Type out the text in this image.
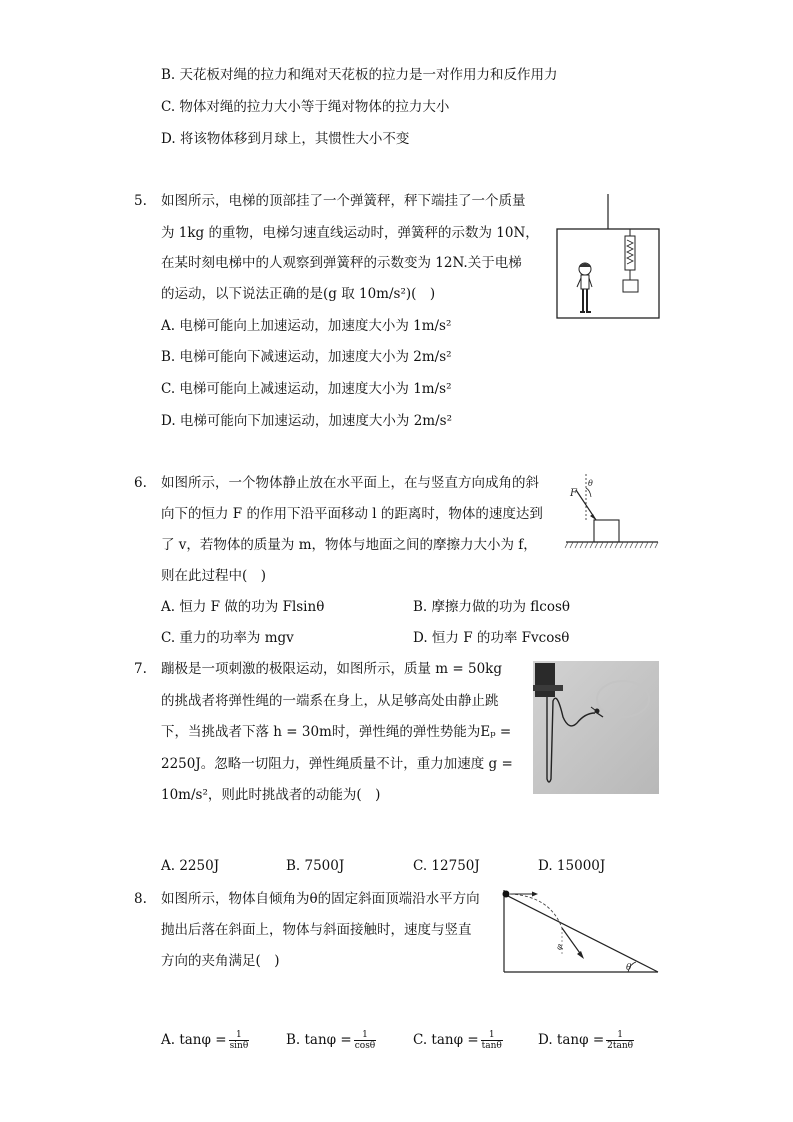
B. 天花板对绳的拉力和绳对天花板的拉力是一对作用力和反作用力
C. 物体对绳的拉力大小等于绳对物体的拉力大小
D. 将该物体移到月球上，其惯性大小不变
5. 如图所示，电梯的顶部挂了一个弹簧秤，秤下端挂了一个质量
为 1kg 的重物，电梯匀速直线运动时，弹簧秤的示数为 10N，
在某时刻电梯中的人观察到弹簧秤的示数变为 12N.关于电梯
的运动，以下说法正确的是(g 取 10m/s²)(　)
A. 电梯可能向上加速运动，加速度大小为 1m/s²
B. 电梯可能向下减速运动，加速度大小为 2m/s²
C. 电梯可能向上减速运动，加速度大小为 1m/s²
D. 电梯可能向下加速运动，加速度大小为 2m/s²
6. 如图所示，一个物体静止放在水平面上，在与竖直方向成角的斜
向下的恒力 F 的作用下沿平面移动 l 的距离时，物体的速度达到
了 v，若物体的质量为 m，物体与地面之间的摩擦力大小为 f，
则在此过程中(　)
A. 恒力 F 做的功为 Flsinθ	B. 摩擦力做的功为 flcosθ
C. 重力的功率为 mgv	D. 恒力 F 的功率 Fvcosθ
F
θ
7. 蹦极是一项刺激的极限运动，如图所示，质量 m = 50kg
的挑战者将弹性绳的一端系在身上，从足够高处由静止跳
下，当挑战者下落 h = 30m时，弹性绳的弹性势能为Eₚ =
2250J。忽略一切阻力，弹性绳质量不计，重力加速度 g =
10m/s²，则此时挑战者的动能为(　)
A. 2250J	B. 7500J	C. 12750J	D. 15000J
8. 如图所示，物体自倾角为θ的固定斜面顶端沿水平方向
抛出后落在斜面上，物体与斜面接触时，速度与竖直
方向的夹角满足(　)
φ
θ
A. $\tan\varphi = \frac{1}{\sin\theta}$	B. $\tan\varphi = \frac{1}{\cos\theta}$	C. $\tan\varphi = \frac{1}{\tan\theta}$	D. $\tan\varphi = \frac{1}{2\tan\theta}$
